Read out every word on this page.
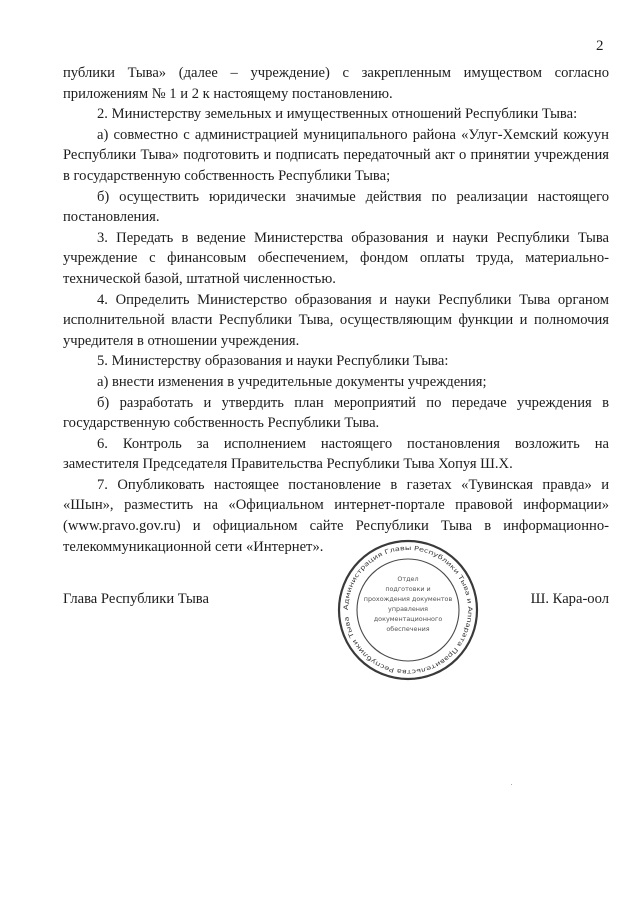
2

публики Тыва» (далее – учреждение) с закрепленным имуществом согласно приложениям № 1 и 2 к настоящему постановлению.

2. Министерству земельных и имущественных отношений Республики Тыва:

а) совместно с администрацией муниципального района «Улуг-Хемский кожуун Республики Тыва» подготовить и подписать передаточный акт о принятии учреждения в государственную собственность Республики Тыва;

б) осуществить юридически значимые действия по реализации настоящего постановления.

3. Передать в ведение Министерства образования и науки Республики Тыва учреждение с финансовым обеспечением, фондом оплаты труда, материально-технической базой, штатной численностью.

4. Определить Министерство образования и науки Республики Тыва органом исполнительной власти Республики Тыва, осуществляющим функции и полномочия учредителя в отношении учреждения.

5. Министерству образования и науки Республики Тыва:

а) внести изменения в учредительные документы учреждения;

б) разработать и утвердить план мероприятий по передаче учреждения в государственную собственность Республики Тыва.

6. Контроль за исполнением настоящего постановления возложить на заместителя Председателя Правительства Республики Тыва Хопуя Ш.Х.

7. Опубликовать настоящее постановление в газетах «Тувинская правда» и «Шын», разместить на «Официальном интернет-портале правовой информации» (www.pravo.gov.ru) и официальном сайте Республики Тыва в информационно-телекоммуникационной сети «Интернет».

Глава Республики Тыва
Администрация Главы Республики Тыва и Аппарата Правительства Республики Тыва
Отдел
подготовки и
прохождения документов
управления
документационного
обеспечения
Ш. Кара-оол
